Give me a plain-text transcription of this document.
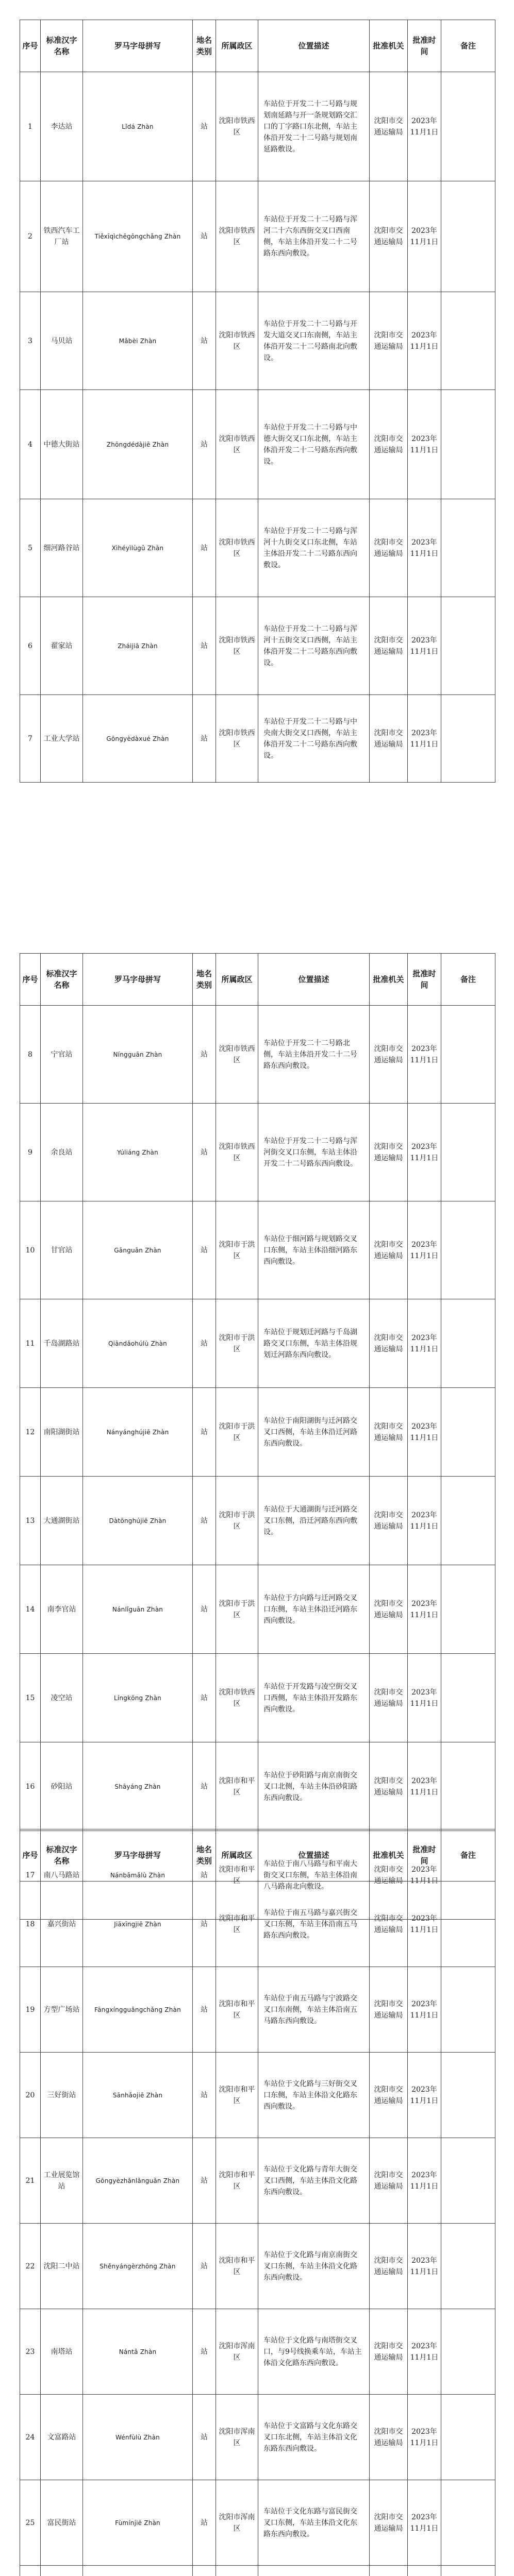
序号	标准汉字名称	罗马字母拼写	地名类别	所属政区	位置描述	批准机关	批准时间	备注
1	李达站	Lǐdá Zhàn	站	沈阳市铁西区	车站位于开发二十二号路与规划南延路与开一条规划路交汇口的丁字路口东北侧，车站主体沿开发二十二号路与规划南延路敷设。	沈阳市交通运输局	2023年11月1日	
2	铁西汽车工厂站	Tiěxīqìchēgōngchǎng Zhàn	站	沈阳市铁西区	车站位于开发二十二号路与浑河二十六东西街交叉口西南侧，车站主体沿开发二十二号路东西向敷设。	沈阳市交通运输局	2023年11月1日	
3	马贝站	Mǎbèi Zhàn	站	沈阳市铁西区	车站位于开发二十二号路与开发大道交叉口东南侧，车站主体沿开发二十二号路南北向敷设。	沈阳市交通运输局	2023年11月1日	
4	中德大街站	Zhōngdédàjiē Zhàn	站	沈阳市铁西区	车站位于开发二十二号路与中德大街交叉口东北侧，车站主体沿开发二十二号路东西向敷设。	沈阳市交通运输局	2023年11月1日	
5	细河路谷站	Xìhéyìlùgǔ Zhàn	站	沈阳市铁西区	车站位于开发二十二号路与浑河十九街交叉口东北侧，车站主体沿开发二十二号路东西向敷设。	沈阳市交通运输局	2023年11月1日	
6	翟家站	Zháijiā Zhàn	站	沈阳市铁西区	车站位于开发二十二号路与浑河十五街交叉口西侧，车站主体沿开发二十二号路东西向敷设。	沈阳市交通运输局	2023年11月1日	
7	工业大学站	Gōngyèdàxué Zhàn	站	沈阳市铁西区	车站位于开发二十二号路与中央南大街交叉口西侧，车站主体沿开发二十二号路东西向敷设。	沈阳市交通运输局	2023年11月1日	
序号	标准汉字名称	罗马字母拼写	地名类别	所属政区	位置描述	批准机关	批准时间	备注
8	宁官站	Níngguān Zhàn	站	沈阳市铁西区	车站位于开发二十二号路北侧，车站主体沿开发二十二号路东西向敷设。	沈阳市交通运输局	2023年11月1日	
9	余良站	Yúliáng Zhàn	站	沈阳市铁西区	车站位于开发二十二号路与浑河街交叉口东侧，车站主体沿开发二十二号路东西向敷设。	沈阳市交通运输局	2023年11月1日	
10	甘官站	Gānguān Zhàn	站	沈阳市于洪区	车站位于细河路与规划路交叉口东侧，车站主体沿细河路东西向敷设。	沈阳市交通运输局	2023年11月1日	
11	千岛湖路站	Qiāndǎohúlù Zhàn	站	沈阳市于洪区	车站位于规划迁河路与千岛湖路交叉口东侧，车站主体沿规划迁河路东西向敷设。	沈阳市交通运输局	2023年11月1日	
12	南阳湖街站	Nányánghújiē Zhàn	站	沈阳市于洪区	车站位于南阳湖街与迁河路交叉口西侧，车站主体沿迁河路东西向敷设。	沈阳市交通运输局	2023年11月1日	
13	大通湖街站	Dàtōnghújiē Zhàn	站	沈阳市于洪区	车站位于大通湖街与迁河路交叉口东侧，沿迁河路东西向敷设。	沈阳市交通运输局	2023年11月1日	
14	南李官站	Nánlǐguān Zhàn	站	沈阳市于洪区	车站位于方向路与迁河路交叉口东侧，车站主体沿迁河路东西向敷设。	沈阳市交通运输局	2023年11月1日	
15	凌空站	Língkōng Zhàn	站	沈阳市铁西区	车站位于开发路与凌空街交叉口西侧，车站主体沿开发路东西向敷设。	沈阳市交通运输局	2023年11月1日	
16	砂阳站	Shāyáng Zhàn	站	沈阳市和平区	车站位于砂阳路与南京南街交叉口北侧，车站主体沿砂阳路东西向敷设。	沈阳市交通运输局	2023年11月1日	
17	南八马路站	Nánbāmǎlù Zhàn	站	沈阳市和平区	车站位于南八马路与和平南大街交叉口东侧，车站主体沿南八马路南北向敷设。	沈阳市交通运输局	2023年11月1日	
序号	标准汉字名称	罗马字母拼写	地名类别	所属政区	位置描述	批准机关	批准时间	备注
18	嘉兴街站	Jiāxīngjiē Zhàn	站	沈阳市和平区	车站位于南五马路与嘉兴街交叉口东侧，车站主体沿南五马路东西向敷设。	沈阳市交通运输局	2023年11月1日	
19	方型广场站	Fāngxíngguǎngchǎng Zhàn	站	沈阳市和平区	车站位于南五马路与宁波路交叉口东南侧，车站主体沿南五马路东西向敷设。	沈阳市交通运输局	2023年11月1日	
20	三好街站	Sānhǎojiē Zhàn	站	沈阳市和平区	车站位于文化路与三好街交叉口东侧，车站主体沿文化路东西向敷设。	沈阳市交通运输局	2023年11月1日	
21	工业展览馆站	Gōngyèzhǎnlǎnguǎn Zhàn	站	沈阳市和平区	车站位于文化路与青年大街交叉口西侧，车站主体沿文化路东西向敷设。	沈阳市交通运输局	2023年11月1日	
22	沈阳二中站	Shěnyángèrzhōng Zhàn	站	沈阳市和平区	车站位于文化路与南京南街交叉口东侧，车站主体沿文化路东西向敷设。	沈阳市交通运输局	2023年11月1日	
23	南塔站	Nántǎ Zhàn	站	沈阳市浑南区	车站位于文化路与南塔街交叉口，与9号线换乘车站，车站主体沿文化路东西向敷设。	沈阳市交通运输局	2023年11月1日	
24	文富路站	Wénfùlù Zhàn	站	沈阳市浑南区	车站位于文富路与文化东路交叉口东北侧，车站主体沿文化东路东西向敷设。	沈阳市交通运输局	2023年11月1日	
25	富民街站	Fùmínjiē Zhàn	站	沈阳市浑南区	车站位于文化东路与富民街交叉口东侧，车站主体沿文化东路东西向敷设。	沈阳市交通运输局	2023年11月1日	
